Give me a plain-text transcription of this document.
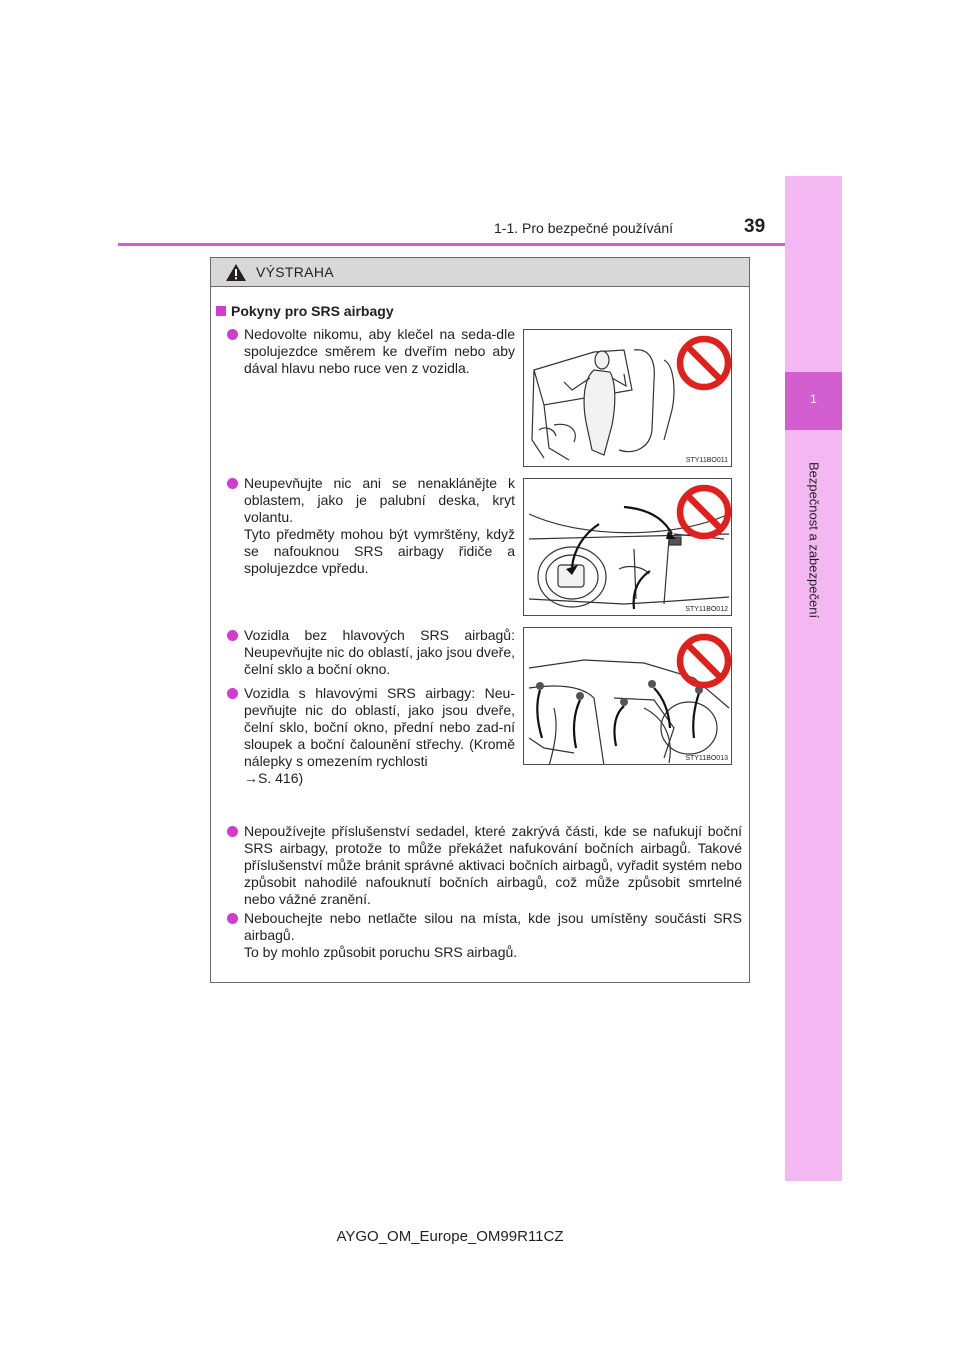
39
1-1. Pro bezpečné používání
1
Bezpečnost a zabezpečení
VÝSTRAHA
Pokyny pro SRS airbagy

Nedovolte nikomu, aby klečel na seda-dle spolujezdce směrem ke dveřím nebo aby dával hlavu nebo ruce ven z vozidla.

Neupevňujte nic ani se nenaklánějte k oblastem, jako je palubní deska, kryt volantu.

Tyto předměty mohou být vymrštěny, když se nafouknou SRS airbagy řidiče a spolujezdce vpředu.

Vozidla bez hlavových SRS airbagů: Neupevňujte nic do oblastí, jako jsou dveře, čelní sklo a boční okno.

Vozidla s hlavovými SRS airbagy: Neu-pevňujte nic do oblastí, jako jsou dveře, čelní sklo, boční okno, přední nebo zad-ní sloupek a boční čalounění střechy. (Kromě nálepky s omezením rychlosti

→S. 416)

Nepoužívejte příslušenství sedadel, které zakrývá části, kde se nafukují boční SRS airbagy, protože to může překážet nafukování bočních airbagů. Takové příslušenství může bránit správné aktivaci bočních airbagů, vyřadit systém nebo způsobit nahodilé nafouknutí bočních airbagů, což může způsobit smrtelné nebo vážné zranění.

Nebouchejte nebo netlačte silou na místa, kde jsou umístěny součásti SRS airbagů.

To by mohlo způsobit poruchu SRS airbagů.

STY11BO011
STY11BO012
STY11BO013
AYGO_OM_Europe_OM99R11CZ
